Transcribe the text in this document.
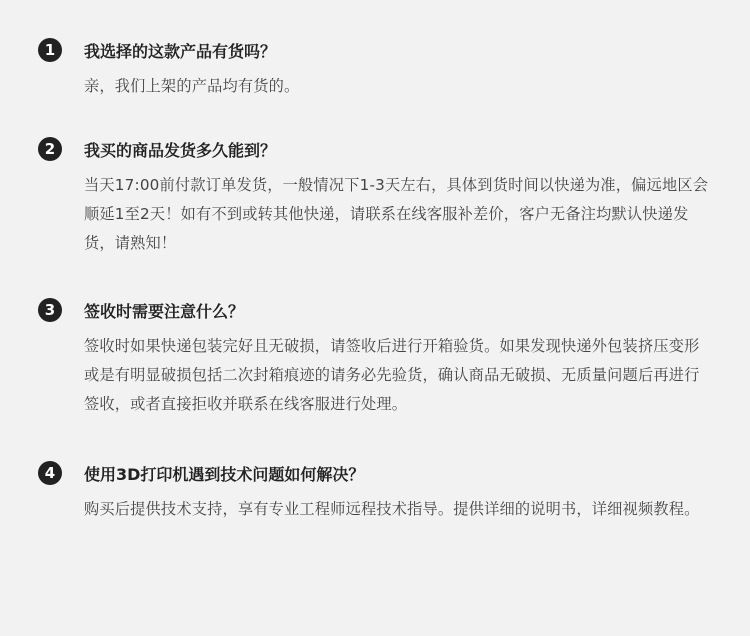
1	我选择的这款产品有货吗？

亲，我们上架的产品均有货的。

2	我买的商品发货多久能到？

当天17:00前付款订单发货，一般情况下1-3天左右，具体到货时间以快递为准，偏远地区会顺延1至2天！如有不到或转其他快递，请联系在线客服补差价，客户无备注均默认快递发货，请熟知！

3	签收时需要注意什么？

签收时如果快递包装完好且无破损，请签收后进行开箱验货。如果发现快递外包装挤压变形或是有明显破损包括二次封箱痕迹的请务必先验货，确认商品无破损、无质量问题后再进行签收，或者直接拒收并联系在线客服进行处理。

4	使用3D打印机遇到技术问题如何解决？

购买后提供技术支持，享有专业工程师远程技术指导。提供详细的说明书，详细视频教程。
